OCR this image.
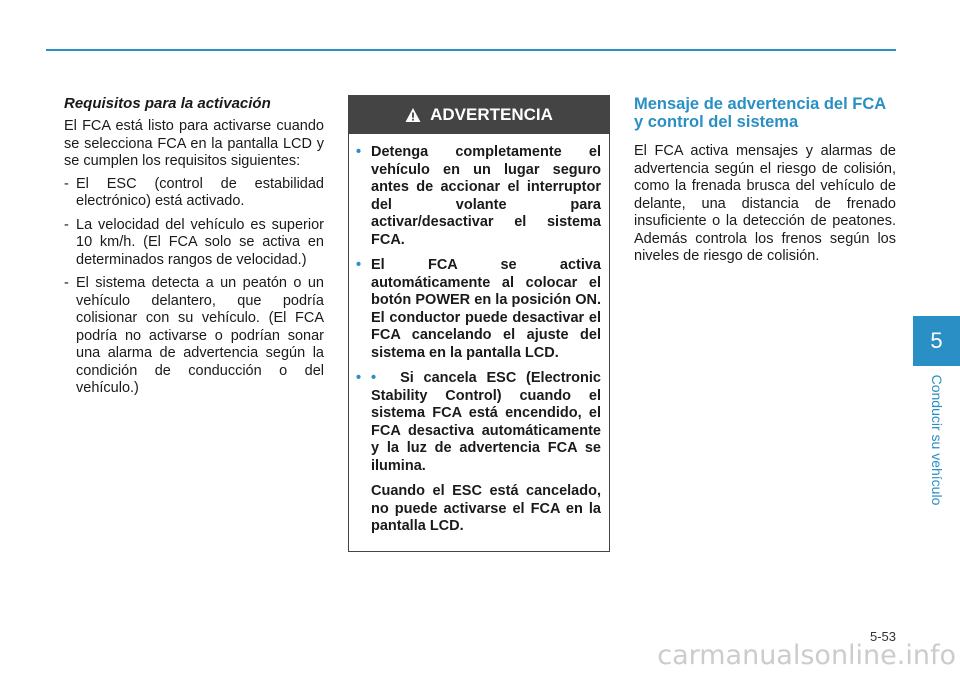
Requisitos para la activación

El FCA está listo para activarse cuando se selecciona FCA en la pantalla LCD y se cumplen los requisitos siguientes:

- El ESC (control de estabilidad electrónico) está activado.
- La velocidad del vehículo es superior 10 km/h. (El FCA solo se activa en determinados rangos de velocidad.)
- El sistema detecta a un peatón o un vehículo delantero, que podría colisionar con su vehículo. (El FCA podría no activarse o podrían sonar una alarma de advertencia según la condición de conducción o del vehículo.)
ADVERTENCIA
• Detenga completamente el vehículo en un lugar seguro antes de accionar el interruptor del volante para activar/desactivar el sistema FCA.
• El FCA se activa automáticamente al colocar el botón POWER en la posición ON. El conductor puede desactivar el FCA cancelando el ajuste del sistema en la pantalla LCD.
• • Si cancela ESC (Electronic Stability Control) cuando el sistema FCA está encendido, el FCA desactiva automáticamente y la luz de advertencia FCA se ilumina.
Cuando el ESC está cancelado, no puede activarse el FCA en la pantalla LCD.
Mensaje de advertencia del FCA y control del sistema

El FCA activa mensajes y alarmas de advertencia según el riesgo de colisión, como la frenada brusca del vehículo de delante, una distancia de frenado insuficiente o la detección de peatones. Además controla los frenos según los niveles de riesgo de colisión.

5
Conducir su vehículo
5-53
carmanualsonline.info
